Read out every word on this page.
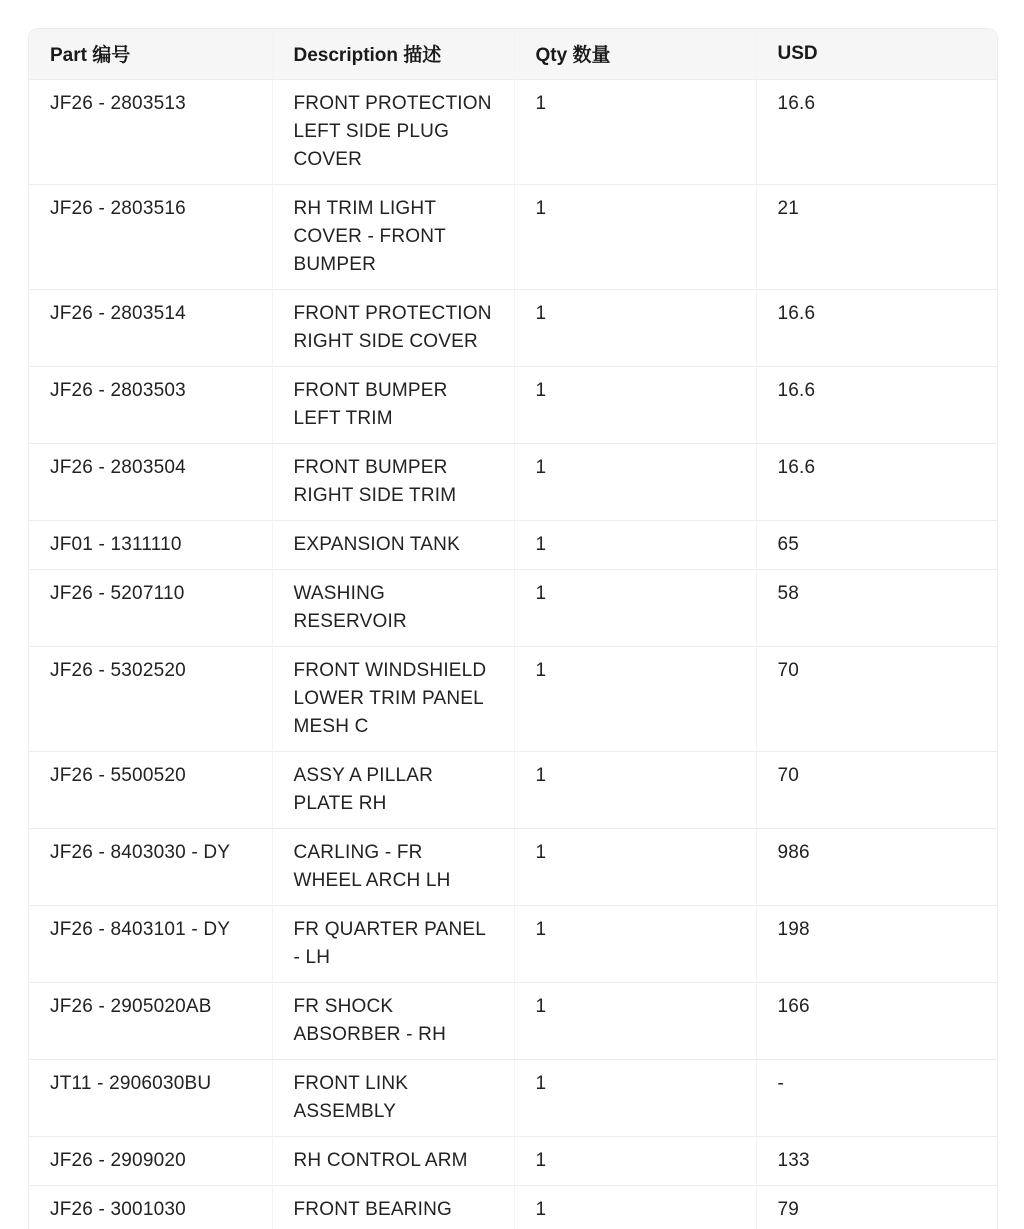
Part 编号	Description 描述	Qty 数量	USD
JF26 - 2803513	FRONT PROTECTION LEFT SIDE PLUG COVER	1	16.6
JF26 - 2803516	RH TRIM LIGHT COVER - FRONT BUMPER	1	21
JF26 - 2803514	FRONT PROTECTION RIGHT SIDE COVER	1	16.6
JF26 - 2803503	FRONT BUMPER LEFT TRIM	1	16.6
JF26 - 2803504	FRONT BUMPER RIGHT SIDE TRIM	1	16.6
JF01 - 1311110	EXPANSION TANK	1	65
JF26 - 5207110	WASHING RESERVOIR	1	58
JF26 - 5302520	FRONT WINDSHIELD LOWER TRIM PANEL MESH C	1	70
JF26 - 5500520	ASSY A PILLAR PLATE RH	1	70
JF26 - 8403030 - DY	CARLING - FR WHEEL ARCH LH	1	986
JF26 - 8403101 - DY	FR QUARTER PANEL - LH	1	198
JF26 - 2905020AB	FR SHOCK ABSORBER - RH	1	166
JT11 - 2906030BU	FRONT LINK ASSEMBLY	1	-
JF26 - 2909020	RH CONTROL ARM	1	133
JF26 - 3001030	FRONT BEARING	1	79
